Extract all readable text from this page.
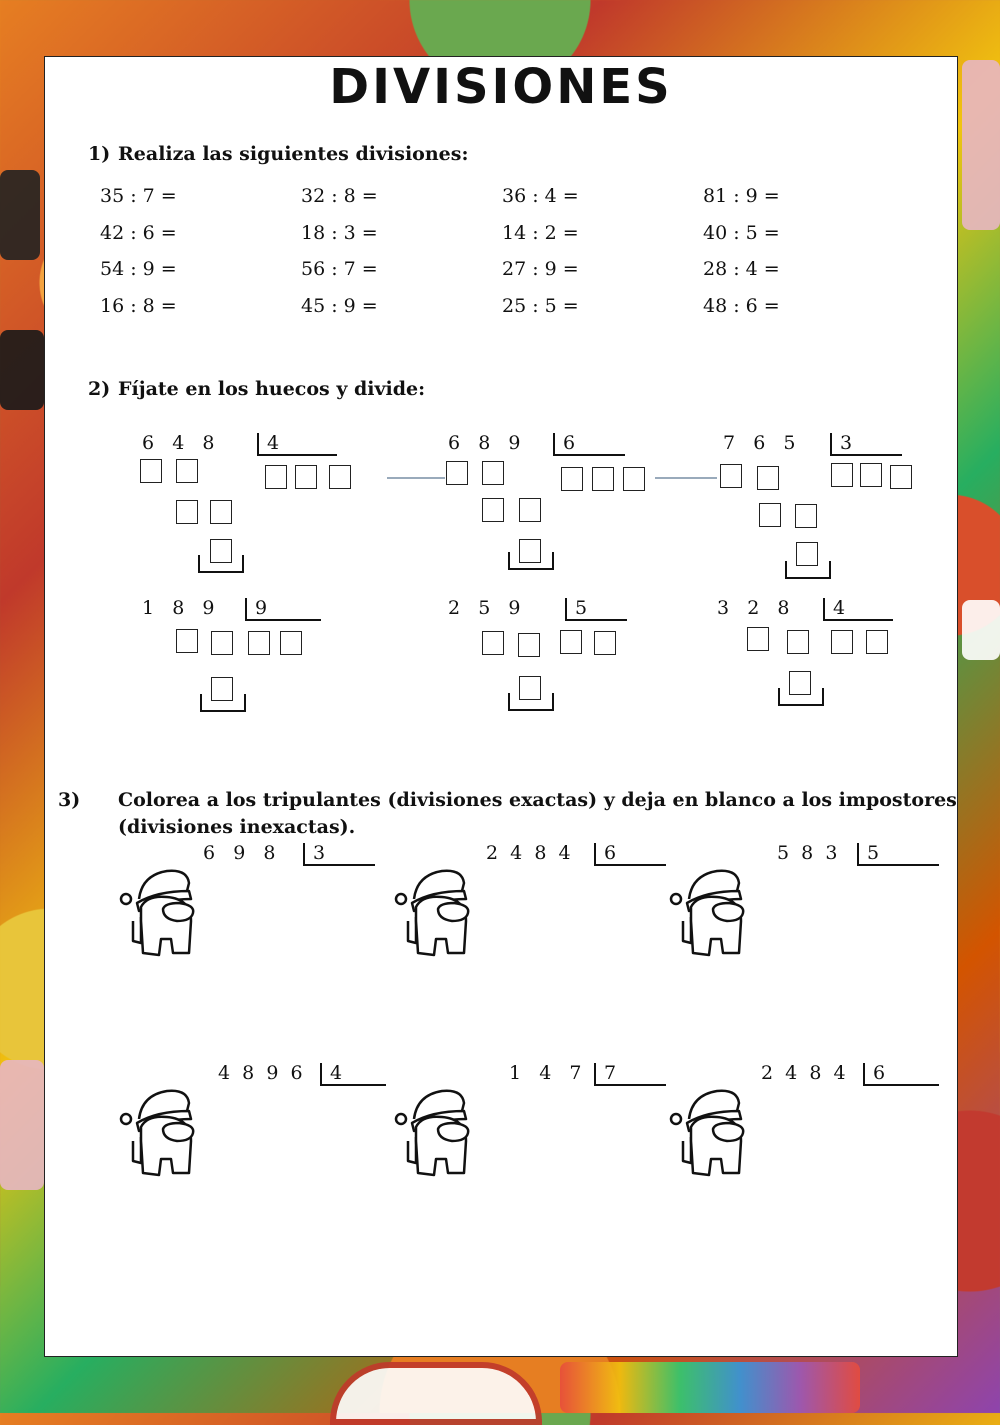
DIVISIONES
1) Realiza las siguientes divisiones:
35 : 7 =	32 : 8 =	36 : 4 =	81 : 9 =
42 : 6 =	18 : 3 =	14 : 2 =	40 : 5 =
54 : 9 =	56 : 7 =	27 : 9 =	28 : 4 =
16 : 8 =	45 : 9 =	25 : 5 =	48 : 6 =
2) Fíjate en los huecos y divide:
6   4   8	4	6   8   9	6	7   6   5	3
1   8   9	9	2   5   9	5	3   2   8	4
3) Colorea a los tripulantes (divisiones exactas) y deja en blanco a los impostores (divisiones inexactas).
6   9   8	3	2  4  8  4	6	5  8  3	5
4  8  9  6	4	1   4   7	7	2  4  8  4	6
